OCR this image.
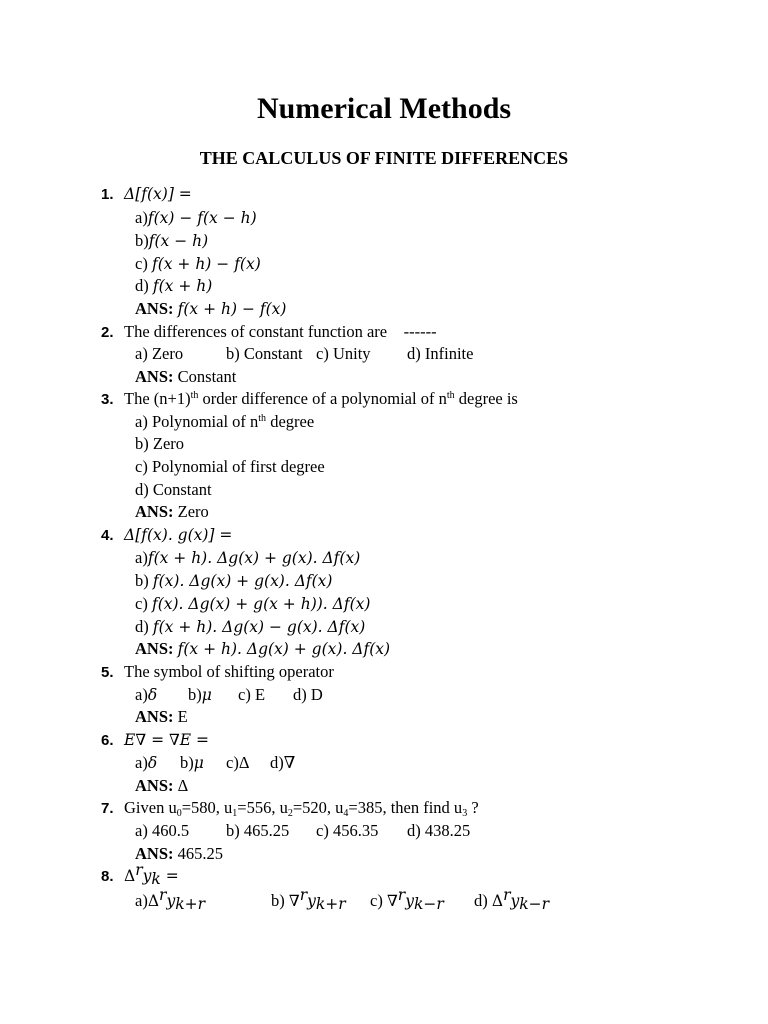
Numerical Methods
THE CALCULUS OF FINITE DIFFERENCES
1. Δ[f(x)] =
a)f(x) − f(x − h)
b)f(x − h)
c) f(x + h) − f(x)
d) f(x + h)
ANS: f(x + h) − f(x)
2. The differences of constant function are    ------
a) Zero	b) Constant c) Unity d) Infinite
ANS: Constant
3. The $(n+1)^{th}$ order difference of a polynomial of $n^{th}$ degree is
a) Polynomial of $n^{th}$ degree
b) Zero
c) Polynomial of first degree
d) Constant
ANS: Zero
4. Δ[f(x). g(x)] =
a)f(x + h). Δg(x) + g(x). Δf(x)
b) f(x). Δg(x) + g(x). Δf(x)
c) f(x). Δg(x) + g(x + h)). Δf(x)
d) f(x + h). Δg(x) − g(x). Δf(x)
ANS: f(x + h). Δg(x) + g(x). Δf(x)
5. The symbol of shifting operator
a)δ b)μ c) E d) D
ANS: E
6. E∇ = ∇E =
a)δ b)μ c)Δ d)∇
ANS: Δ
7. Given $u_0=580$, $u_1=556$, $u_2=520$, $u_4=385$, then find $u_3$ ?
a) 460.5 b) 465.25 c) 456.35 d) 438.25
ANS: 465.25
8. $\Delta^ry_k$ =
$a)\Delta^ry_{k+r}$	b) $\nabla^ry_{k+r}$ c) $\nabla^ry_{k-r}$ d) $\Delta^ry_{k-r}$
